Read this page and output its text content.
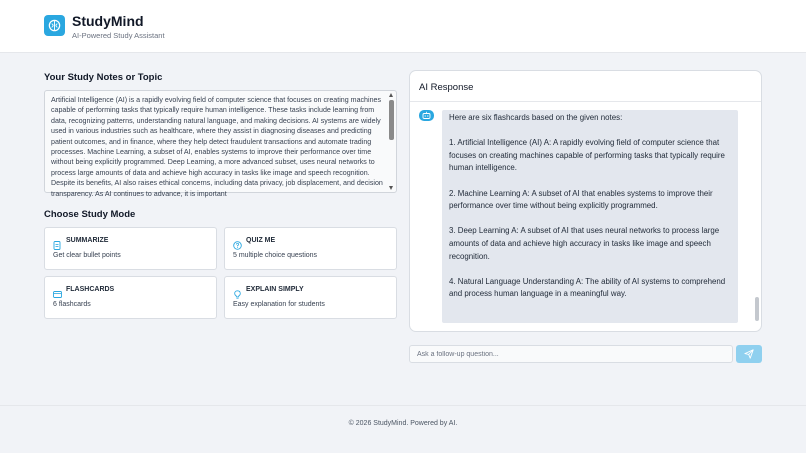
StudyMind
AI-Powered Study Assistant
Your Study Notes or Topic
Artificial Intelligence (AI) is a rapidly evolving field of computer science that focuses on creating machines capable of performing tasks that typically require human intelligence. These tasks include learning from data, recognizing patterns, understanding natural language, and making decisions. AI systems are widely used in various industries such as healthcare, where they assist in diagnosing diseases and predicting patient outcomes, and in finance, where they help detect fraudulent transactions and automate trading processes. Machine Learning, a subset of AI, enables systems to improve their performance over time without being explicitly programmed. Deep Learning, a more advanced subset, uses neural networks to process large amounts of data and achieve high accuracy in tasks like image and speech recognition. Despite its benefits, AI also raises ethical concerns, including data privacy, job displacement, and decision transparency. As AI continues to advance, it is important
Choose Study Mode
SUMMARIZE
Get clear bullet points
QUIZ ME
5 multiple choice questions
FLASHCARDS
6 flashcards
EXPLAIN SIMPLY
Easy explanation for students
AI Response

Here are six flashcards based on the given notes:

1. Artificial Intelligence (AI) A: A rapidly evolving field of computer science that focuses on creating machines capable of performing tasks that typically require human intelligence.

2. Machine Learning A: A subset of AI that enables systems to improve their performance over time without being explicitly programmed.

3. Deep Learning A: A subset of AI that uses neural networks to process large amounts of data and achieve high accuracy in tasks like image and speech recognition.

4. Natural Language Understanding A: The ability of AI systems to comprehend and process human language in a meaningful way.

Ask a follow-up question...
© 2026 StudyMind. Powered by AI.
